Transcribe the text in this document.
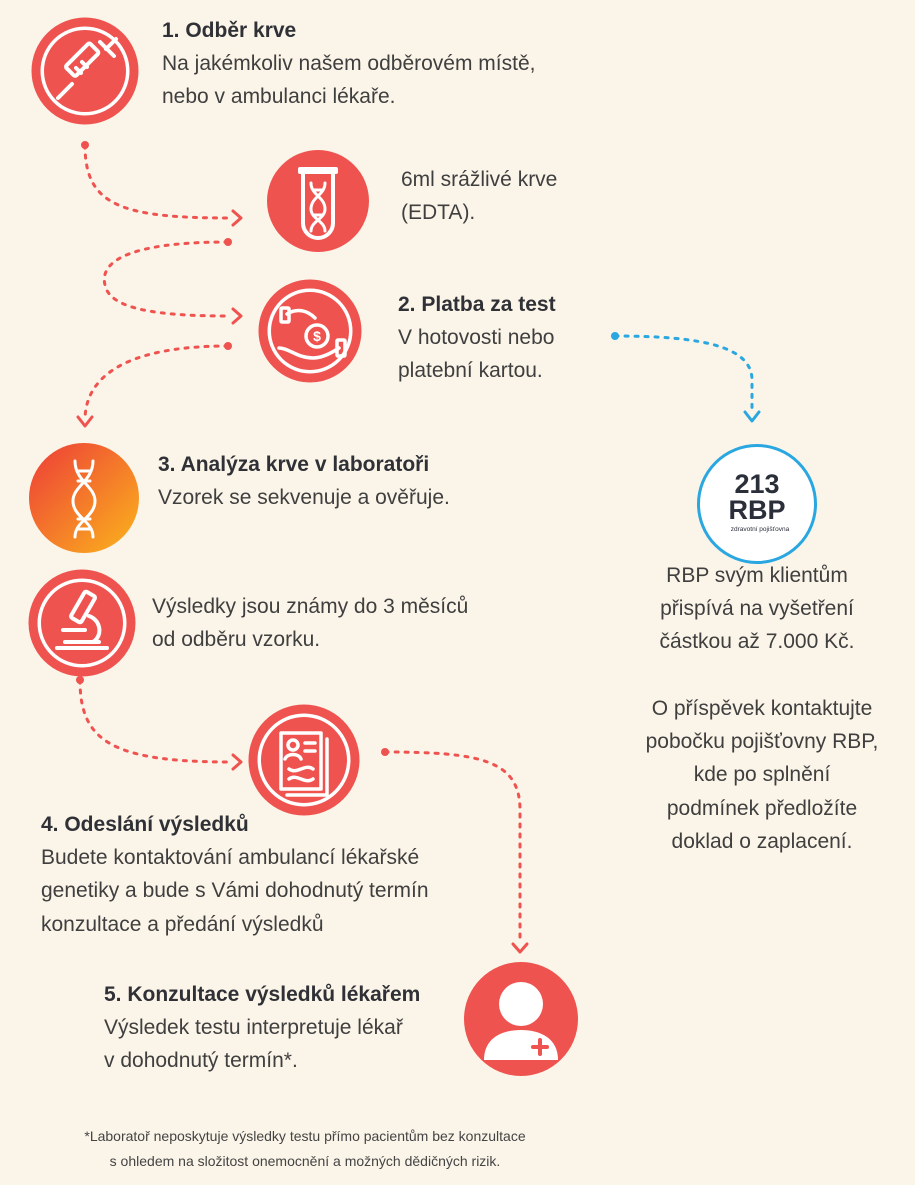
$
1. Odběr krve
Na jakémkoliv našem odběrovém místě,
nebo v ambulanci lékaře.
6ml srážlivé krve
(EDTA).
2. Platba za test
V hotovosti nebo
platební kartou.
3. Analýza krve v laboratoři
Vzorek se sekvenuje a ověřuje.
Výsledky jsou známy do 3 měsíců
od odběru vzorku.
4. Odeslání výsledků
Budete kontaktování ambulancí lékařské
genetiky a bude s Vámi dohodnutý termín
konzultace a předání výsledků
5. Konzultace výsledků lékařem
Výsledek testu interpretuje lékař
v dohodnutý termín*.
213
RBP
zdravotní pojišťovna
RBP svým klientům
přispívá na vyšetření
částkou až 7.000 Kč.
O příspěvek kontaktujte
pobočku pojišťovny RBP,
kde po splnění
podmínek předložíte
doklad o zaplacení.
*Laboratoř neposkytuje výsledky testu přímo pacientům bez konzultace
s ohledem na složitost onemocnění a možných dědičných rizik.
